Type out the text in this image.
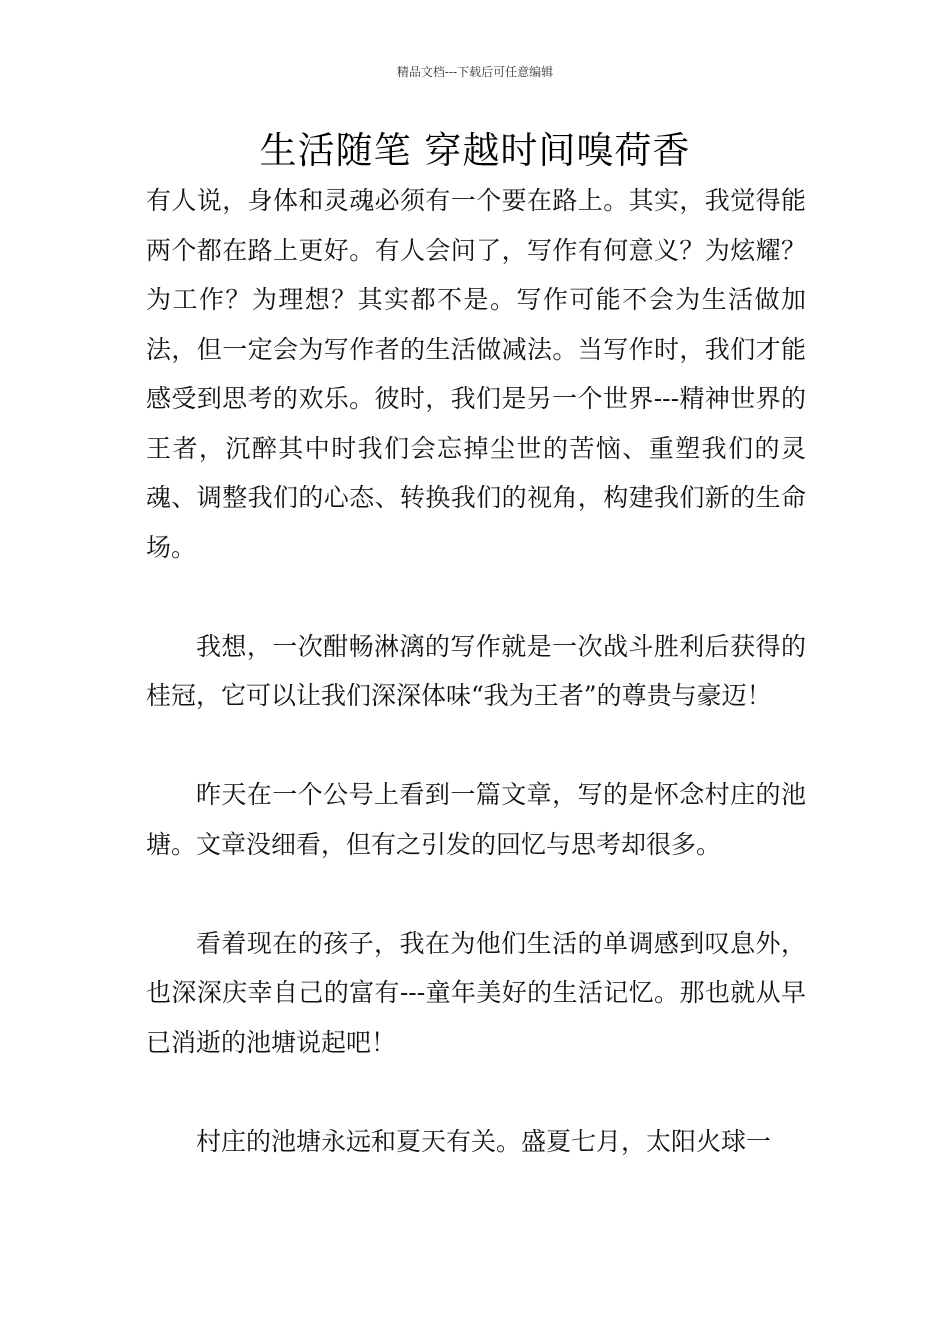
精品文档---下载后可任意编辑
生活随笔 穿越时间嗅荷香

有人说，身体和灵魂必须有一个要在路上。其实，我觉得能两个都在路上更好。有人会问了，写作有何意义？为炫耀？为工作？为理想？其实都不是。写作可能不会为生活做加法，但一定会为写作者的生活做减法。当写作时，我们才能感受到思考的欢乐。彼时，我们是另一个世界---精神世界的王者，沉醉其中时我们会忘掉尘世的苦恼、重塑我们的灵魂、调整我们的心态、转换我们的视角，构建我们新的生命场。

我想，一次酣畅淋漓的写作就是一次战斗胜利后获得的桂冠，它可以让我们深深体味“我为王者”的尊贵与豪迈！

昨天在一个公号上看到一篇文章，写的是怀念村庄的池塘。文章没细看，但有之引发的回忆与思考却很多。

看着现在的孩子，我在为他们生活的单调感到叹息外，也深深庆幸自己的富有---童年美好的生活记忆。那也就从早已消逝的池塘说起吧！

村庄的池塘永远和夏天有关。盛夏七月，太阳火球一
